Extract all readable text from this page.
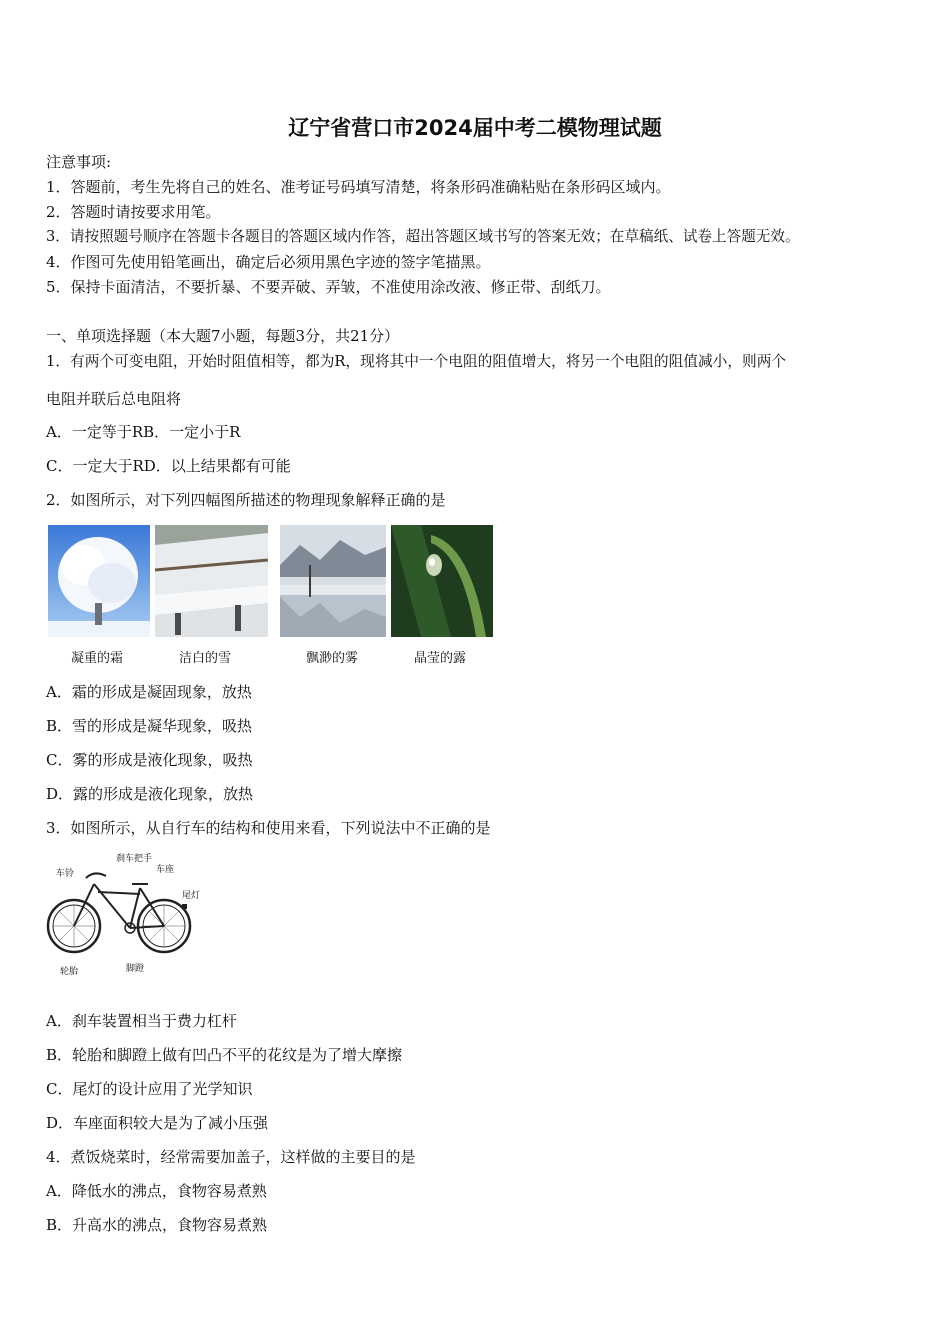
辽宁省营口市2024届中考二模物理试题
注意事项:
1．答题前，考生先将自己的姓名、准考证号码填写清楚，将条形码准确粘贴在条形码区域内。
2．答题时请按要求用笔。
3．请按照题号顺序在答题卡各题目的答题区域内作答，超出答题区域书写的答案无效；在草稿纸、试卷上答题无效。
4．作图可先使用铅笔画出，确定后必须用黑色字迹的签字笔描黑。
5．保持卡面清洁，不要折暴、不要弄破、弄皱，不准使用涂改液、修正带、刮纸刀。
一、单项选择题（本大题7小题，每题3分，共21分）
1．有两个可变电阻，开始时阻值相等，都为R，现将其中一个电阻的阻值增大，将另一个电阻的阻值减小，则两个
电阻并联后总电阻将
A．一定等于RB．一定小于R
C．一定大于RD．以上结果都有可能
2．如图所示，对下列四幅图所描述的物理现象解释正确的是
凝重的霜	洁白的雪	飘渺的雾	晶莹的露
A．霜的形成是凝固现象，放热
B．雪的形成是凝华现象，吸热
C．雾的形成是液化现象，吸热
D．露的形成是液化现象，放热
3．如图所示，从自行车的结构和使用来看，下列说法中不正确的是
车铃
刹车把手
车座
尾灯
轮胎	脚蹬
A．刹车装置相当于费力杠杆
B．轮胎和脚蹬上做有凹凸不平的花纹是为了增大摩擦
C．尾灯的设计应用了光学知识
D．车座面积较大是为了减小压强
4．煮饭烧菜时，经常需要加盖子，这样做的主要目的是
A．降低水的沸点，食物容易煮熟
B．升高水的沸点，食物容易煮熟
